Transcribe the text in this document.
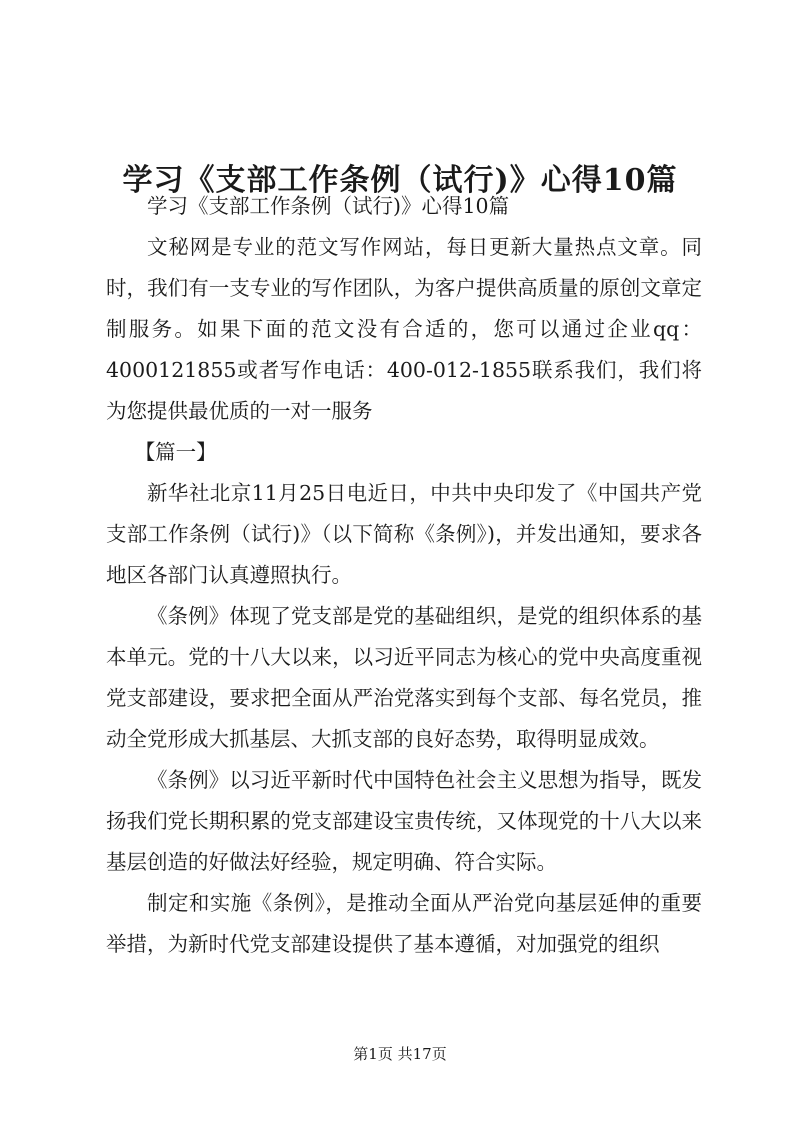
学习《支部工作条例（试行)》心得10篇

学习《支部工作条例（试行)》心得10篇

文秘网是专业的范文写作网站，每日更新大量热点文章。同时，我们有一支专业的写作团队，为客户提供高质量的原创文章定制服务。如果下面的范文没有合适的，您可以通过企业qq：4000121855或者写作电话：400-012-1855联系我们，我们将为您提供最优质的一对一服务

【篇一】

新华社北京11月25日电近日，中共中央印发了《中国共产党支部工作条例（试行)》（以下简称《条例》)，并发出通知，要求各地区各部门认真遵照执行。

《条例》体现了党支部是党的基础组织，是党的组织体系的基本单元。党的十八大以来，以习近平同志为核心的党中央高度重视党支部建设，要求把全面从严治党落实到每个支部、每名党员，推动全党形成大抓基层、大抓支部的良好态势，取得明显成效。

《条例》以习近平新时代中国特色社会主义思想为指导，既发扬我们党长期积累的党支部建设宝贵传统，又体现党的十八大以来基层创造的好做法好经验，规定明确、符合实际。

制定和实施《条例》，是推动全面从严治党向基层延伸的重要举措，为新时代党支部建设提供了基本遵循，对加强党的组织

第1页 共17页
